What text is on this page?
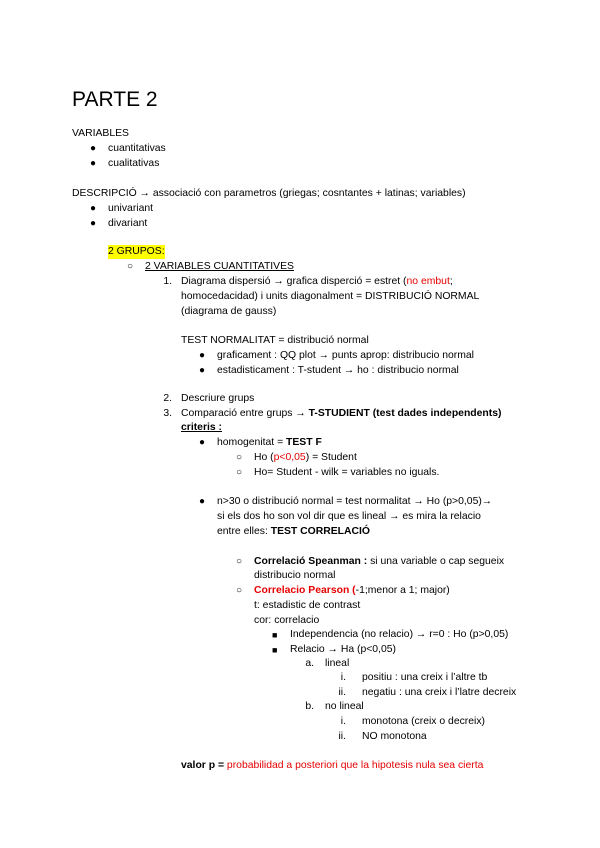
PARTE 2
VARIABLES
● cuantitativas
● cualitativas
DESCRIPCIÓ → associació con parametros (griegas; cosntantes + latinas; variables)
● univariant
● divariant
2 GRUPOS:
○ 2 VARIABLES CUANTITATIVES
1. Diagrama dispersió → grafica disperció = estret (no embut;
homocedacidad) i units diagonalment = DISTRIBUCIÓ NORMAL
(diagrama de gauss)
TEST NORMALITAT = distribució normal
● graficament : QQ plot → punts aprop: distribucio normal
● estadisticament : T-student → ho : distribucio normal
2. Descriure grups
3. Comparació entre grups → T-STUDIENT (test dades independents)
criteris :
● homogenitat = TEST F
○ Ho (p<0,05) = Student
○ Ho= Student - wilk = variables no iguals.
● n>30 o distribució normal = test normalitat → Ho (p>0,05)→
si els dos ho son vol dir que es lineal → es mira la relacio
entre elles: TEST CORRELACIÓ
○ Correlació Speanman : si una variable o cap segueix
distribucio normal
○ Correlacio Pearson (-1;menor a 1; major)
t: estadistic de contrast
cor: correlacio
■ Independencia (no relacio) → r=0 : Ho (p>0,05)
■ Relacio → Ha (p<0,05)
a. lineal
i. positiu : una creix i l’altre tb
ii. negatiu : una creix i l’latre decreix
b. no lineal
i. monotona (creix o decreix)
ii. NO monotona
valor p = probabilidad a posteriori que la hipotesis nula sea cierta
